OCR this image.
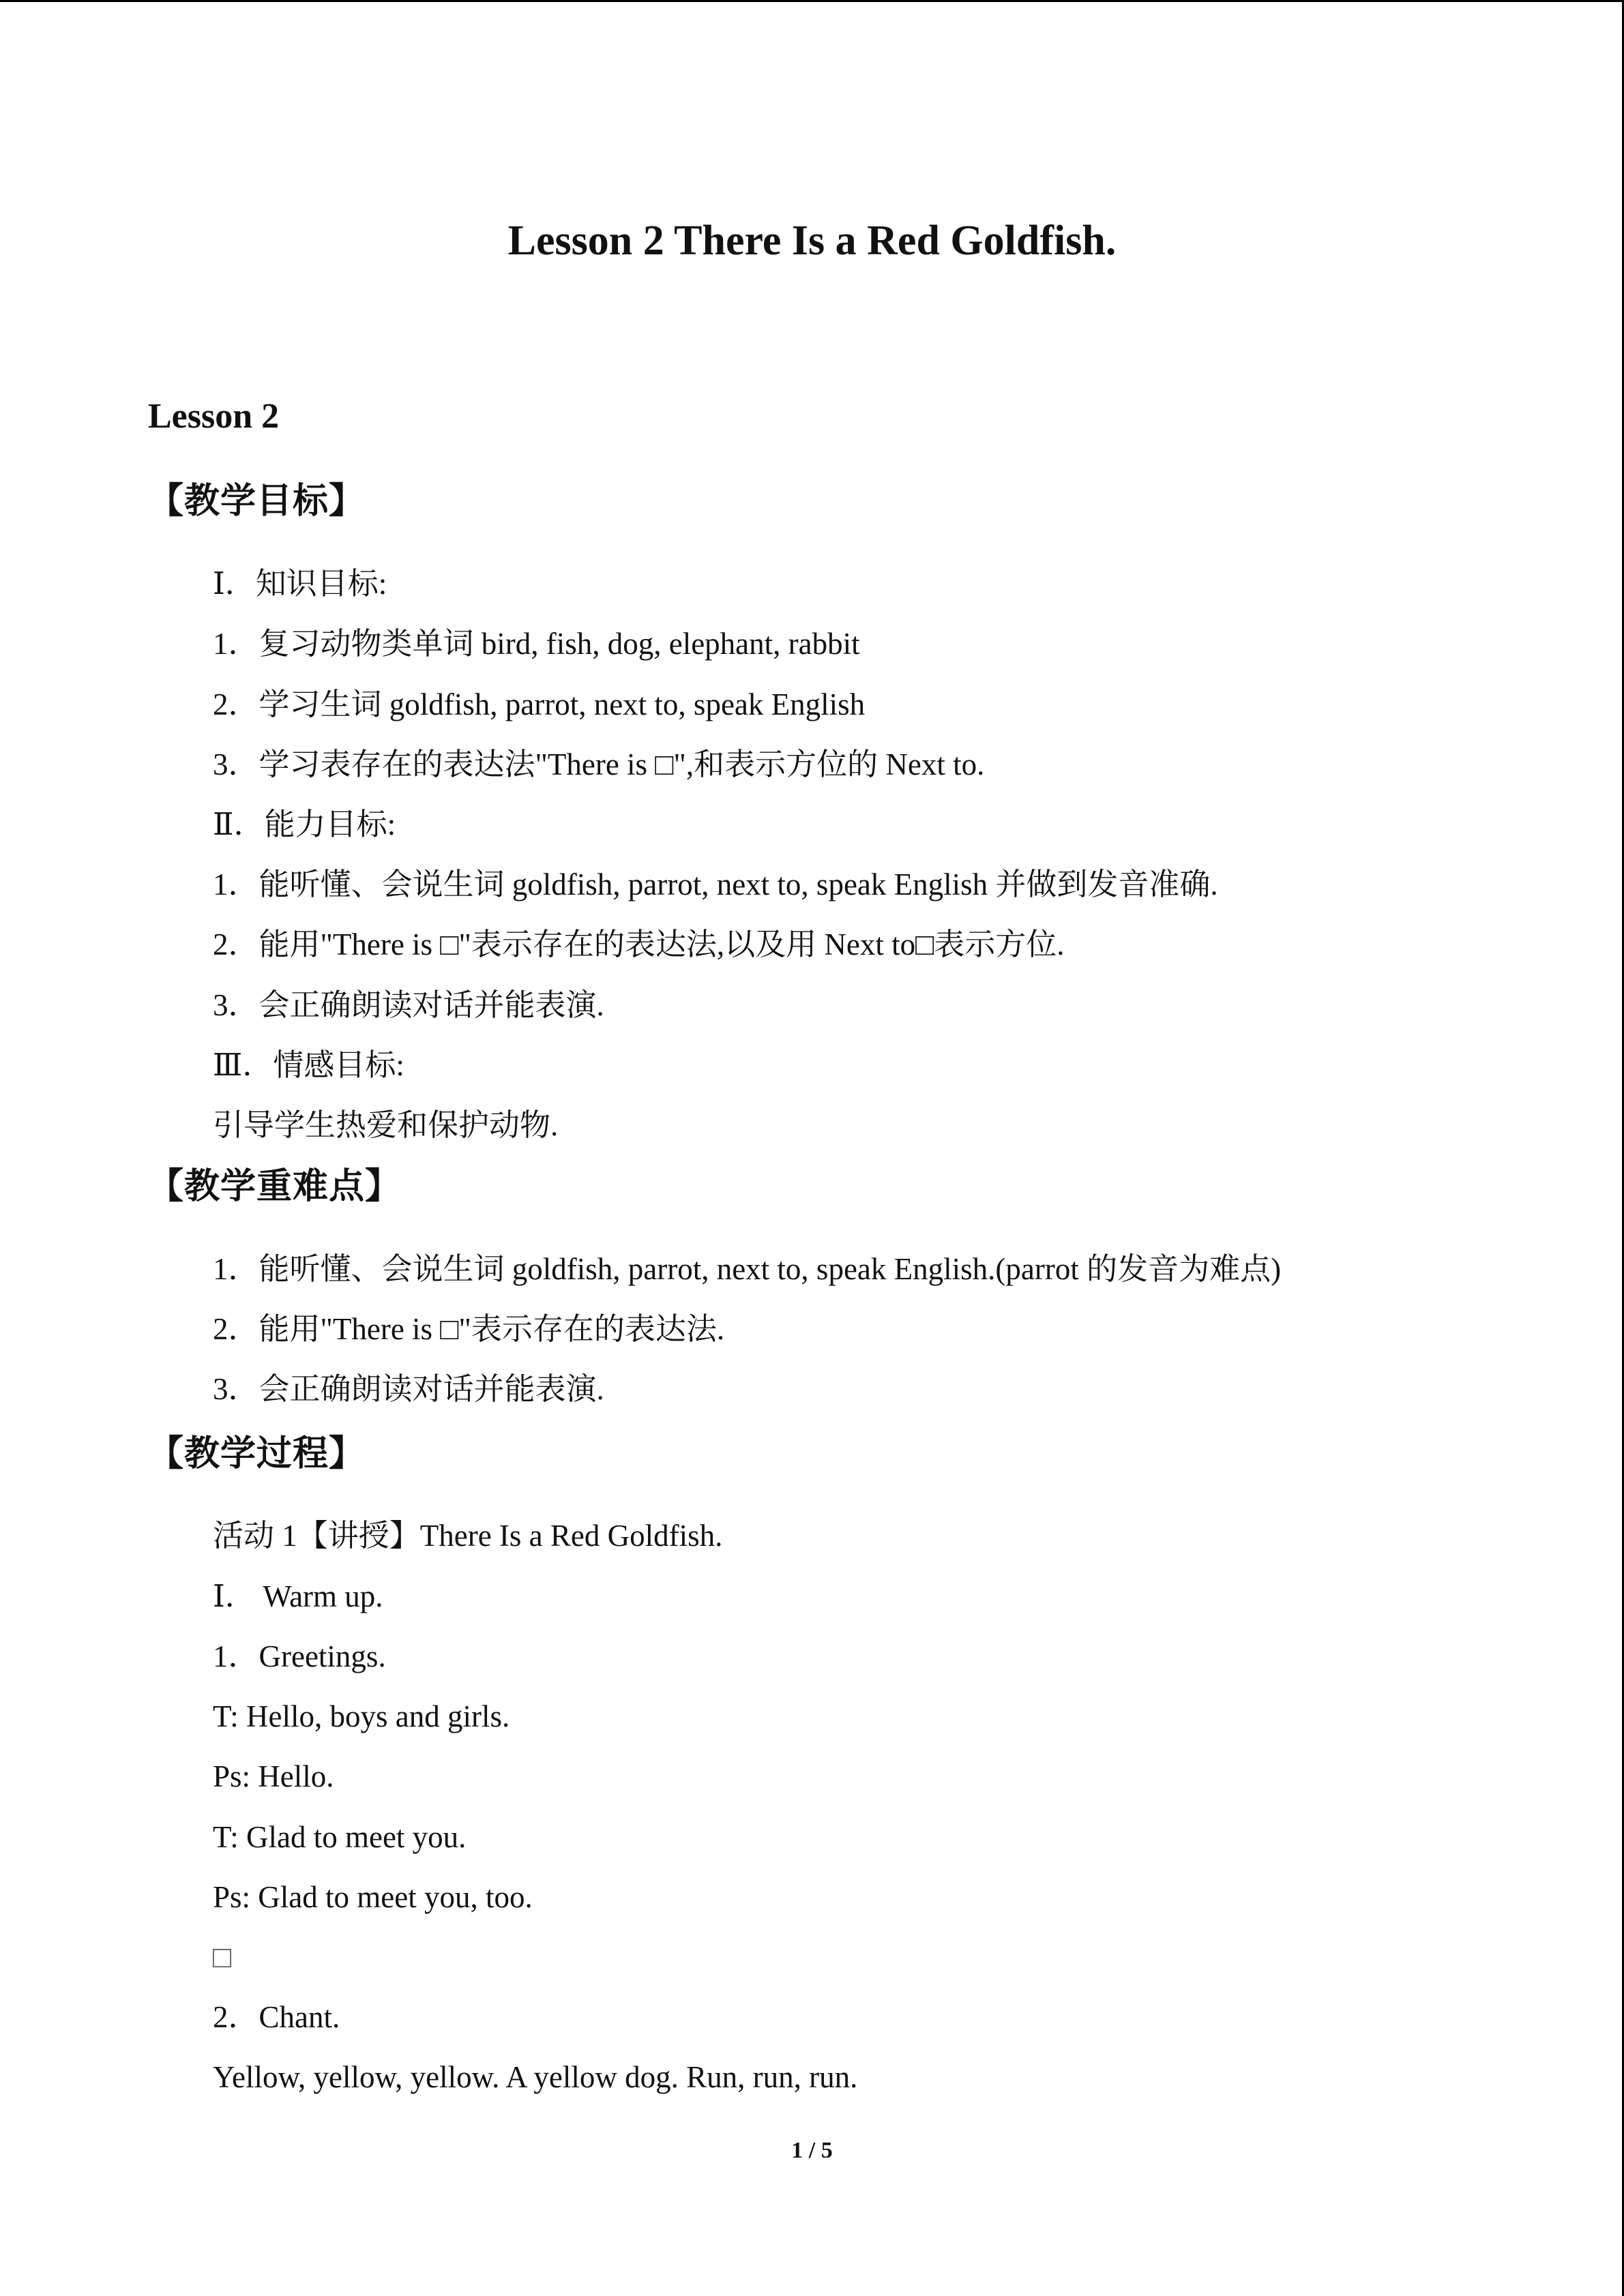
Lesson 2 There Is a Red Goldfish.
Lesson 2
【教学目标】
Ⅰ．知识目标:
1．复习动物类单词 bird, fish, dog, elephant, rabbit
2．学习生词 goldfish, parrot, next to, speak English
3．学习表存在的表达法"There is □",和表示方位的 Next to.
Ⅱ．能力目标:
1．能听懂、会说生词 goldfish, parrot, next to, speak English 并做到发音准确.
2．能用"There is □"表示存在的表达法,以及用 Next to□表示方位.
3．会正确朗读对话并能表演.
Ⅲ．情感目标:
引导学生热爱和保护动物.
【教学重难点】
1．能听懂、会说生词 goldfish, parrot, next to, speak English.(parrot 的发音为难点)
2．能用"There is □"表示存在的表达法.
3．会正确朗读对话并能表演.
【教学过程】
活动 1【讲授】There Is a Red Goldfish.
Ⅰ． Warm up.
1．Greetings.
T: Hello, boys and girls.
Ps: Hello.
T: Glad to meet you.
Ps: Glad to meet you, too.
□
2．Chant.
Yellow, yellow, yellow. A yellow dog. Run, run, run.
1 / 5
